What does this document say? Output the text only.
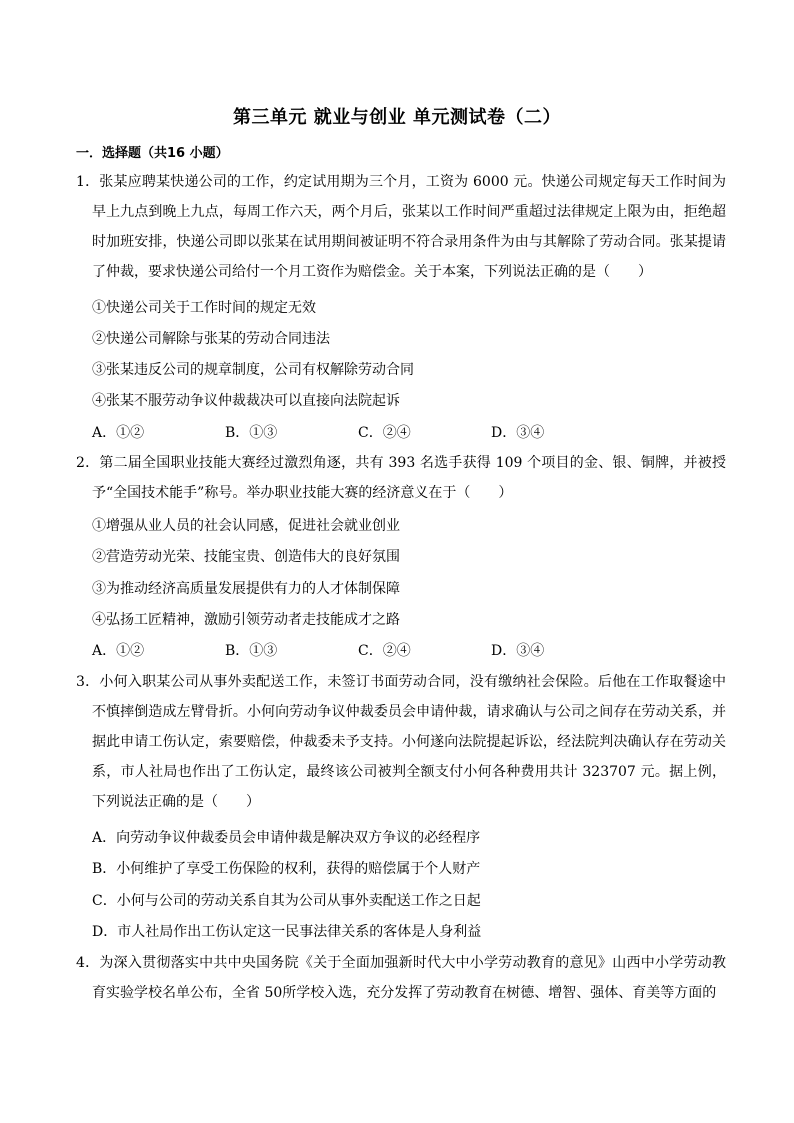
第三单元 就业与创业 单元测试卷（二）
一．选择题（共16 小题）
1．张某应聘某快递公司的工作，约定试用期为三个月，工资为 6000 元。快递公司规定每天工作时间为早上九点到晚上九点，每周工作六天，两个月后，张某以工作时间严重超过法律规定上限为由，拒绝超时加班安排，快递公司即以张某在试用期间被证明不符合录用条件为由与其解除了劳动合同。张某提请了仲裁，要求快递公司给付一个月工资作为赔偿金。关于本案，下列说法正确的是（　　）
①快递公司关于工作时间的规定无效
②快递公司解除与张某的劳动合同违法
③张某违反公司的规章制度，公司有权解除劳动合同
④张某不服劳动争议仲裁裁决可以直接向法院起诉
A．①②	B．①③	C．②④	D．③④
2．第二届全国职业技能大赛经过激烈角逐，共有 393 名选手获得 109 个项目的金、银、铜牌，并被授予“全国技术能手”称号。举办职业技能大赛的经济意义在于（　　）
①增强从业人员的社会认同感，促进社会就业创业
②营造劳动光荣、技能宝贵、创造伟大的良好氛围
③为推动经济高质量发展提供有力的人才体制保障
④弘扬工匠精神，激励引领劳动者走技能成才之路
A．①②	B．①③	C．②④	D．③④
3．小何入职某公司从事外卖配送工作，未签订书面劳动合同，没有缴纳社会保险。后他在工作取餐途中不慎摔倒造成左臂骨折。小何向劳动争议仲裁委员会申请仲裁，请求确认与公司之间存在劳动关系，并据此申请工伤认定，索要赔偿，仲裁委未予支持。小何遂向法院提起诉讼，经法院判决确认存在劳动关系，市人社局也作出了工伤认定，最终该公司被判全额支付小何各种费用共计 323707 元。据上例，下列说法正确的是（　　）
A．向劳动争议仲裁委员会申请仲裁是解决双方争议的必经程序
B．小何维护了享受工伤保险的权利，获得的赔偿属于个人财产
C．小何与公司的劳动关系自其为公司从事外卖配送工作之日起
D．市人社局作出工伤认定这一民事法律关系的客体是人身利益
4．为深入贯彻落实中共中央国务院《关于全面加强新时代大中小学劳动教育的意见》山西中小学劳动教育实验学校名单公布，全省 50所学校入选，充分发挥了劳动教育在树德、增智、强体、育美等方面的
